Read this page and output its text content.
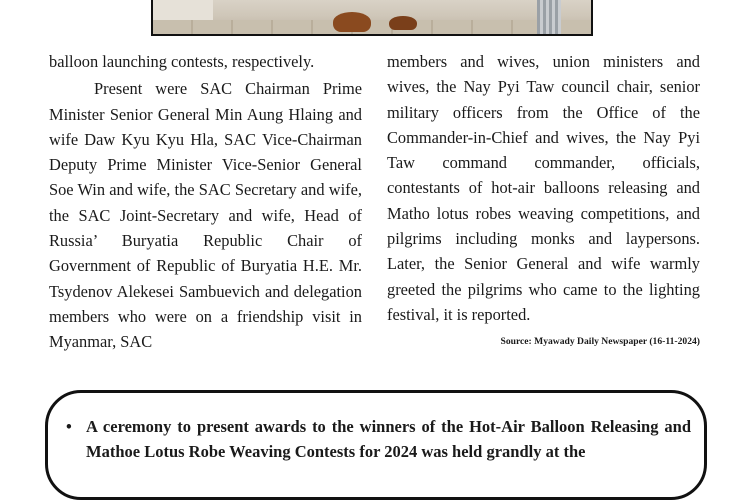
balloon launching contests, respectively.

Present were SAC Chairman Prime Minister Senior General Min Aung Hlaing and wife Daw Kyu Kyu Hla, SAC Vice-Chairman Deputy Prime Minister Vice-Senior General Soe Win and wife, the SAC Secretary and wife, the SAC Joint-Secretary and wife, Head of Russia’ Buryatia Republic Chair of Government of Republic of Buryatia H.E. Mr. Tsydenov Alekesei Sambuevich and delegation members who were on a friendship visit in Myanmar, SAC

members and wives, union ministers and wives, the Nay Pyi Taw council chair, senior military officers from the Office of the Commander-in-Chief and wives, the Nay Pyi Taw command commander, officials, contestants of hot-air balloons releasing and Matho lotus robes weaving competitions, and pilgrims including monks and laypersons. Later, the Senior General and wife warmly greeted the pilgrims who came to the lighting festival, it is reported.

Source: Myawady Daily Newspaper (16-11-2024)
• A ceremony to present awards to the winners of the Hot-Air Balloon Releasing and Mathoe Lotus Robe Weaving Contests for 2024 was held grandly at the
